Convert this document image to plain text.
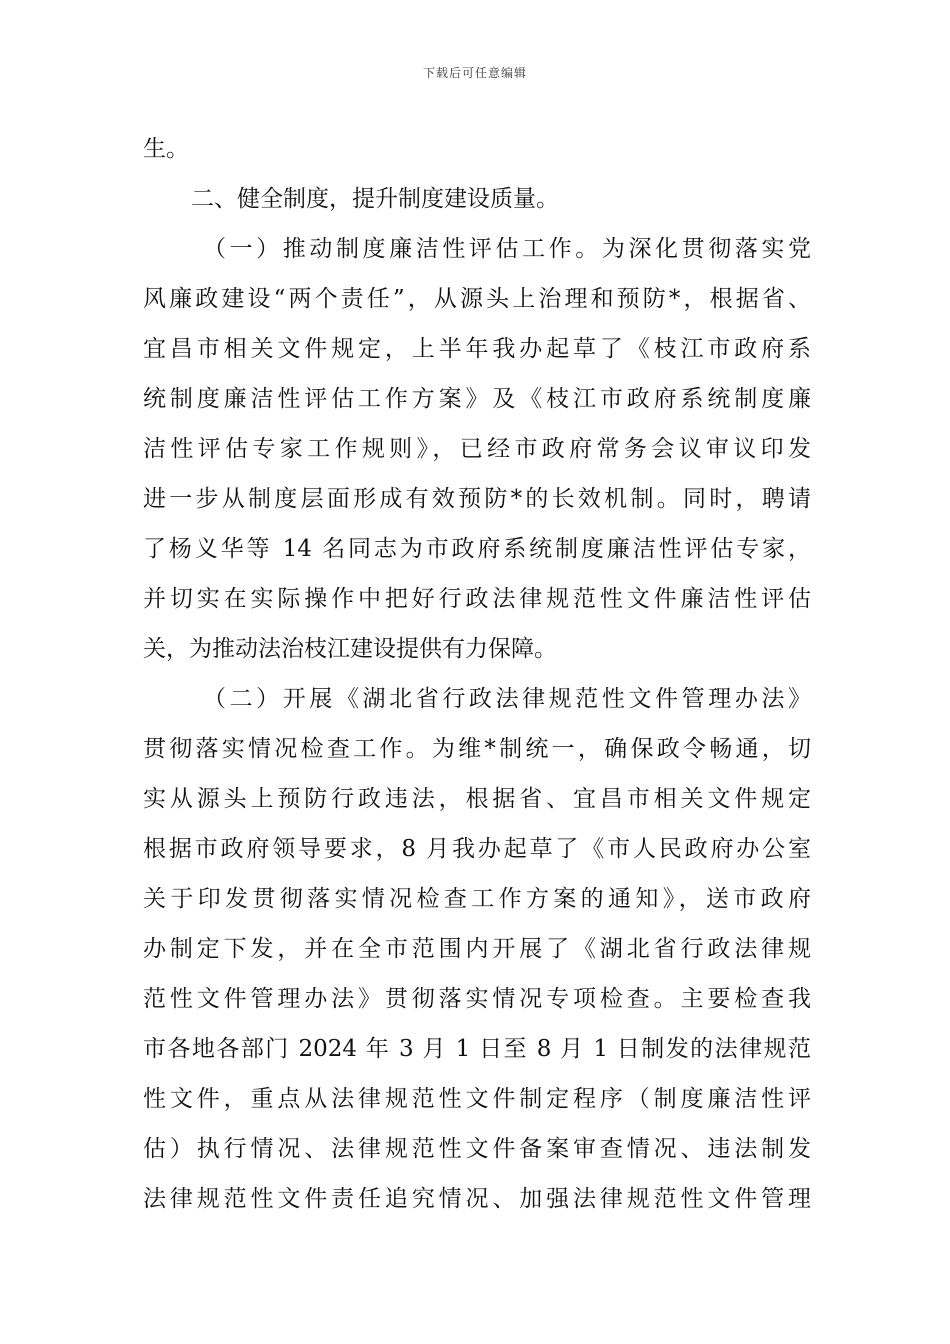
下载后可任意编辑
生。
二、健全制度，提升制度建设质量。
（一）推动制度廉洁性评估工作。为深化贯彻落实党
风廉政建设“两个责任”，从源头上治理和预防*，根据省、
宜昌市相关文件规定，上半年我办起草了《枝江市政府系
统制度廉洁性评估工作方案》及《枝江市政府系统制度廉
洁性评估专家工作规则》，已经市政府常务会议审议印发
进一步从制度层面形成有效预防*的长效机制。同时，聘请
了杨义华等 14 名同志为市政府系统制度廉洁性评估专家，
并切实在实际操作中把好行政法律规范性文件廉洁性评估
关，为推动法治枝江建设提供有力保障。
（二）开展《湖北省行政法律规范性文件管理办法》
贯彻落实情况检查工作。为维*制统一，确保政令畅通，切
实从源头上预防行政违法，根据省、宜昌市相关文件规定
根据市政府领导要求，8 月我办起草了《市人民政府办公室
关于印发贯彻落实情况检查工作方案的通知》，送市政府
办制定下发，并在全市范围内开展了《湖北省行政法律规
范性文件管理办法》贯彻落实情况专项检查。主要检查我
市各地各部门 2024 年 3 月 1 日至 8 月 1 日制发的法律规范
性文件，重点从法律规范性文件制定程序（制度廉洁性评
估）执行情况、法律规范性文件备案审查情况、违法制发
法律规范性文件责任追究情况、加强法律规范性文件管理
